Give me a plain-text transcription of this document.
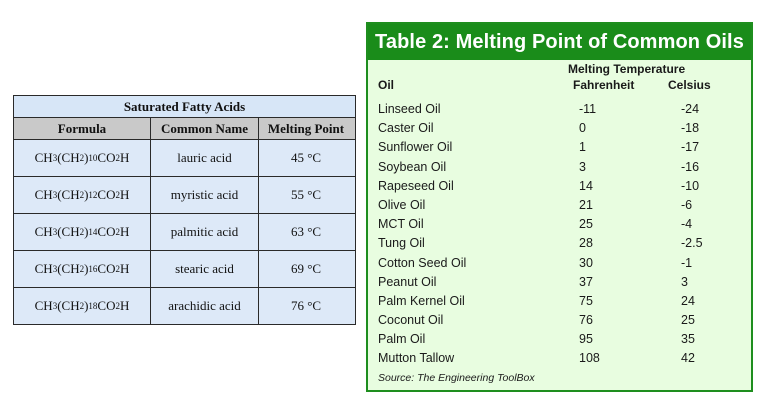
Saturated Fatty Acids
Formula	Common Name	Melting Point
CH 3 (CH 2 ) 10 CO 2 H	lauric acid	45 °C
CH 3 (CH 2 ) 12 CO 2 H	myristic acid	55 °C
CH 3 (CH 2 ) 14 CO 2 H	palmitic acid	63 °C
CH 3 (CH 2 ) 16 CO 2 H	stearic acid	69 °C
CH 3 (CH 2 ) 18 CO 2 H	arachidic acid	76 °C
Table 2: Melting Point of Common Oils
Melting Temperature
Oil	Fahrenheit	Celsius
Linseed Oil	-11	-24
Caster Oil	0	-18
Sunflower Oil	1	-17
Soybean Oil	3	-16
Rapeseed Oil	14	-10
Olive Oil	21	-6
MCT Oil	25	-4
Tung Oil	28	-2.5
Cotton Seed Oil	30	-1
Peanut Oil	37	3
Palm Kernel Oil	75	24
Coconut Oil	76	25
Palm Oil	95	35
Mutton Tallow	108	42
Source: The Engineering ToolBox
